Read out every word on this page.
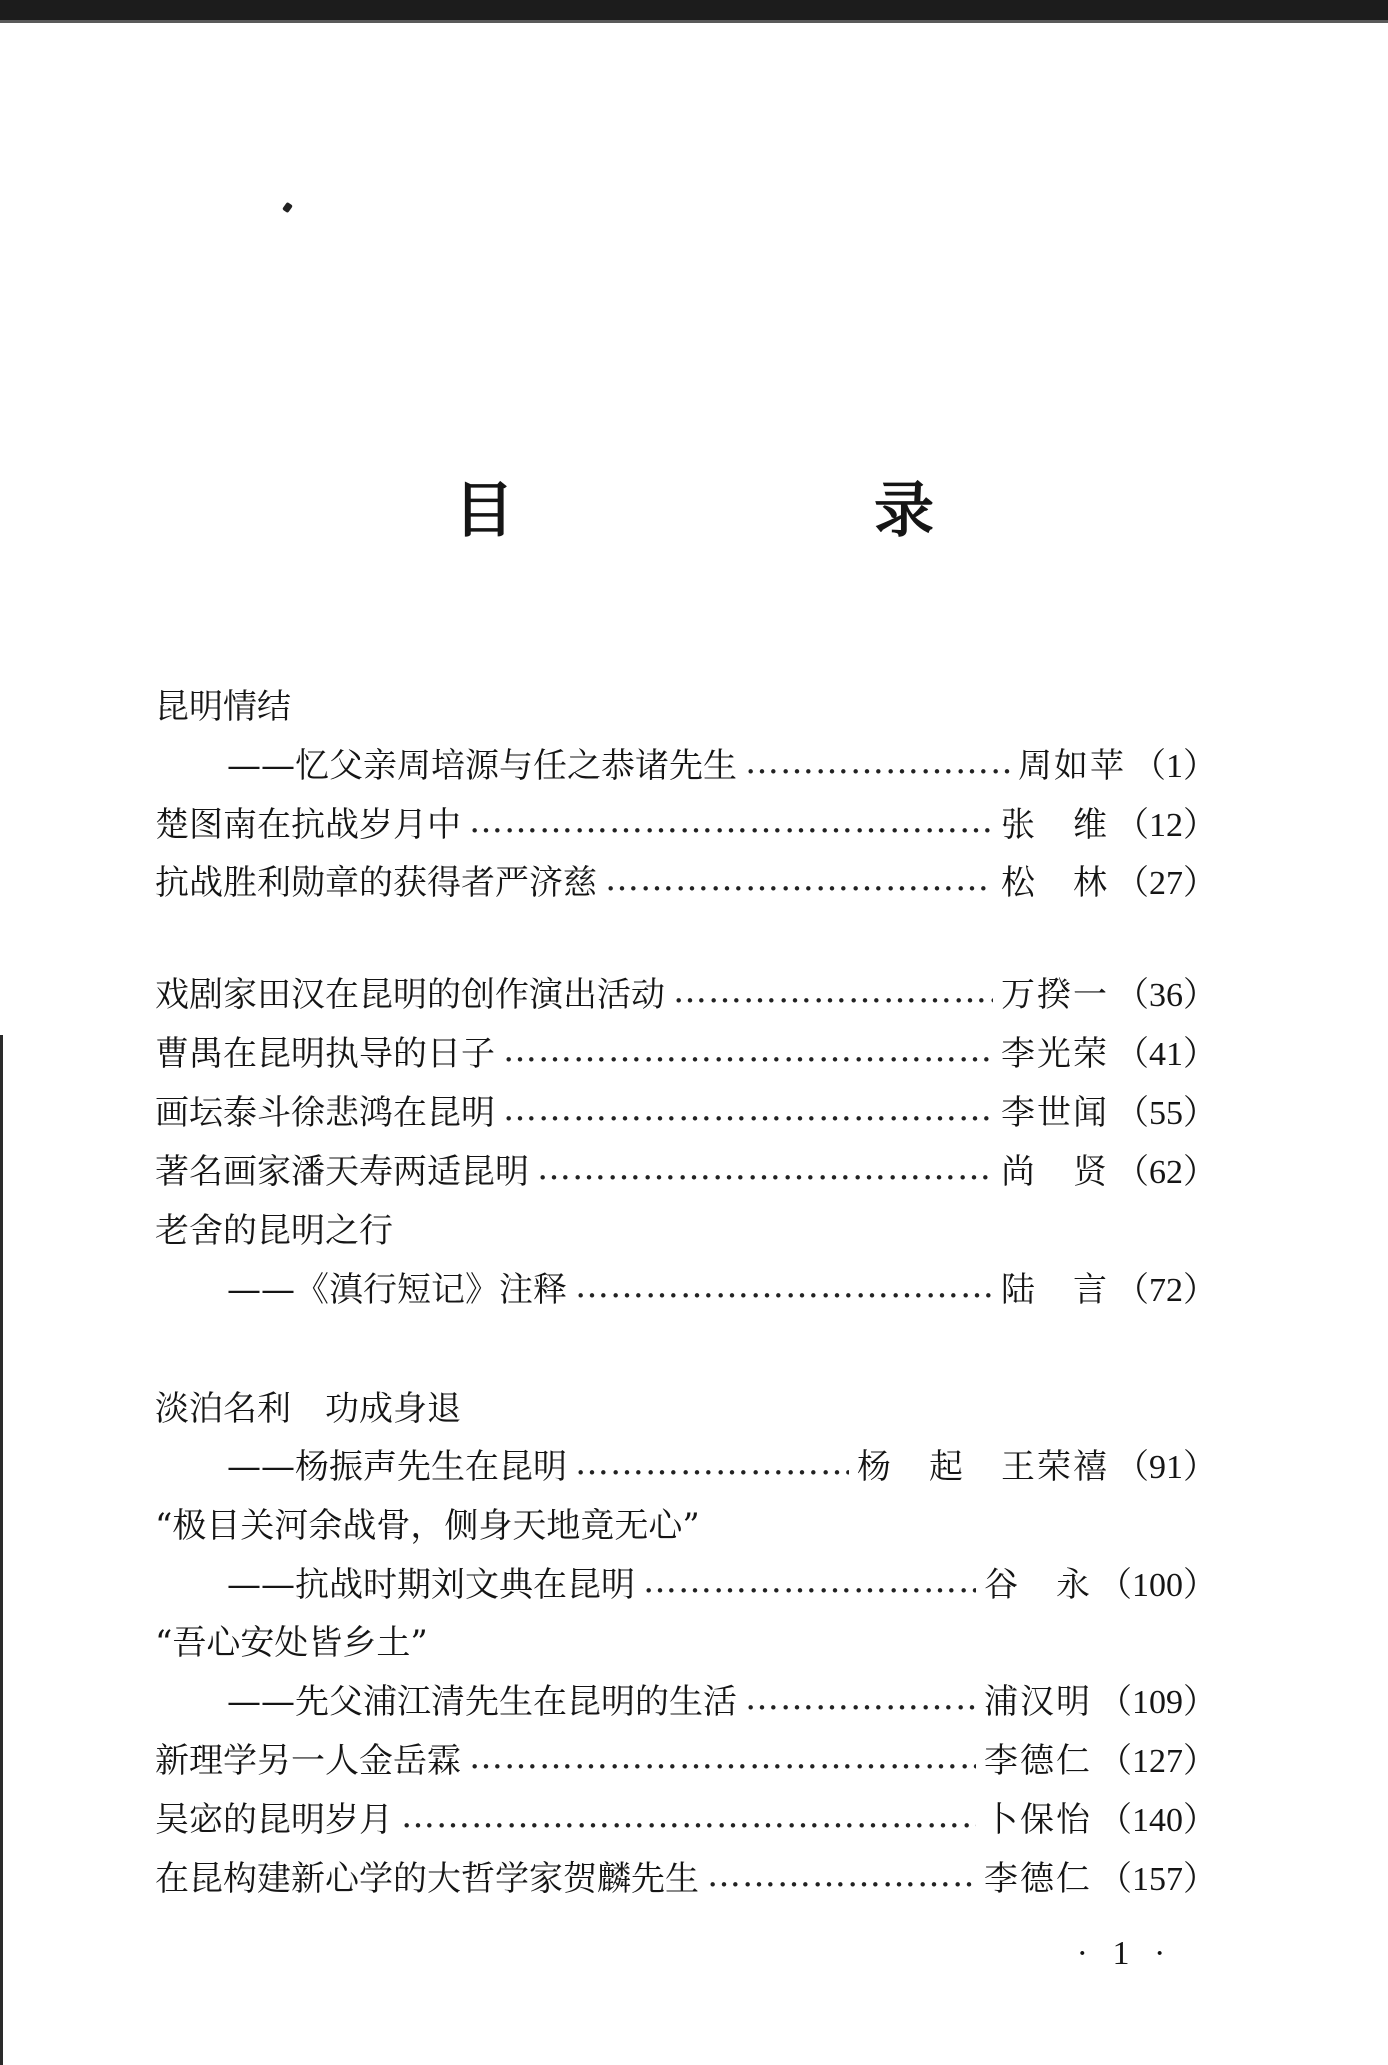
目　录
昆明情结
——忆父亲周培源与任之恭诸先生 …………………………………………………………………………………………………………………………	周如苹 （1）
楚图南在抗战岁月中 …………………………………………………………………………………………………………………………	张　维 （12）
抗战胜利勋章的获得者严济慈 …………………………………………………………………………………………………………………………	松　林 （27）
戏剧家田汉在昆明的创作演出活动 …………………………………………………………………………………………………………………………	万揆一 （36）
曹禺在昆明执导的日子 …………………………………………………………………………………………………………………………	李光荣 （41）
画坛泰斗徐悲鸿在昆明 …………………………………………………………………………………………………………………………	李世闻 （55）
著名画家潘天寿两适昆明 …………………………………………………………………………………………………………………………	尚　贤 （62）
老舍的昆明之行
——《滇行短记》注释 …………………………………………………………………………………………………………………………	陆　言 （72）
淡泊名利　功成身退
——杨振声先生在昆明 …………………………………………………………………………………………………………………………	杨　起　王荣禧 （91）
“极目关河余战骨，侧身天地竟无心”
——抗战时期刘文典在昆明 …………………………………………………………………………………………………………………………	谷　永 （100）
“吾心安处皆乡土”
——先父浦江清先生在昆明的生活 …………………………………………………………………………………………………………………………	浦汉明 （109）
新理学另一人金岳霖 …………………………………………………………………………………………………………………………	李德仁 （127）
吴宓的昆明岁月 …………………………………………………………………………………………………………………………	卜保怡 （140）
在昆构建新心学的大哲学家贺麟先生 …………………………………………………………………………………………………………………………	李德仁 （157）
· 1 ·
